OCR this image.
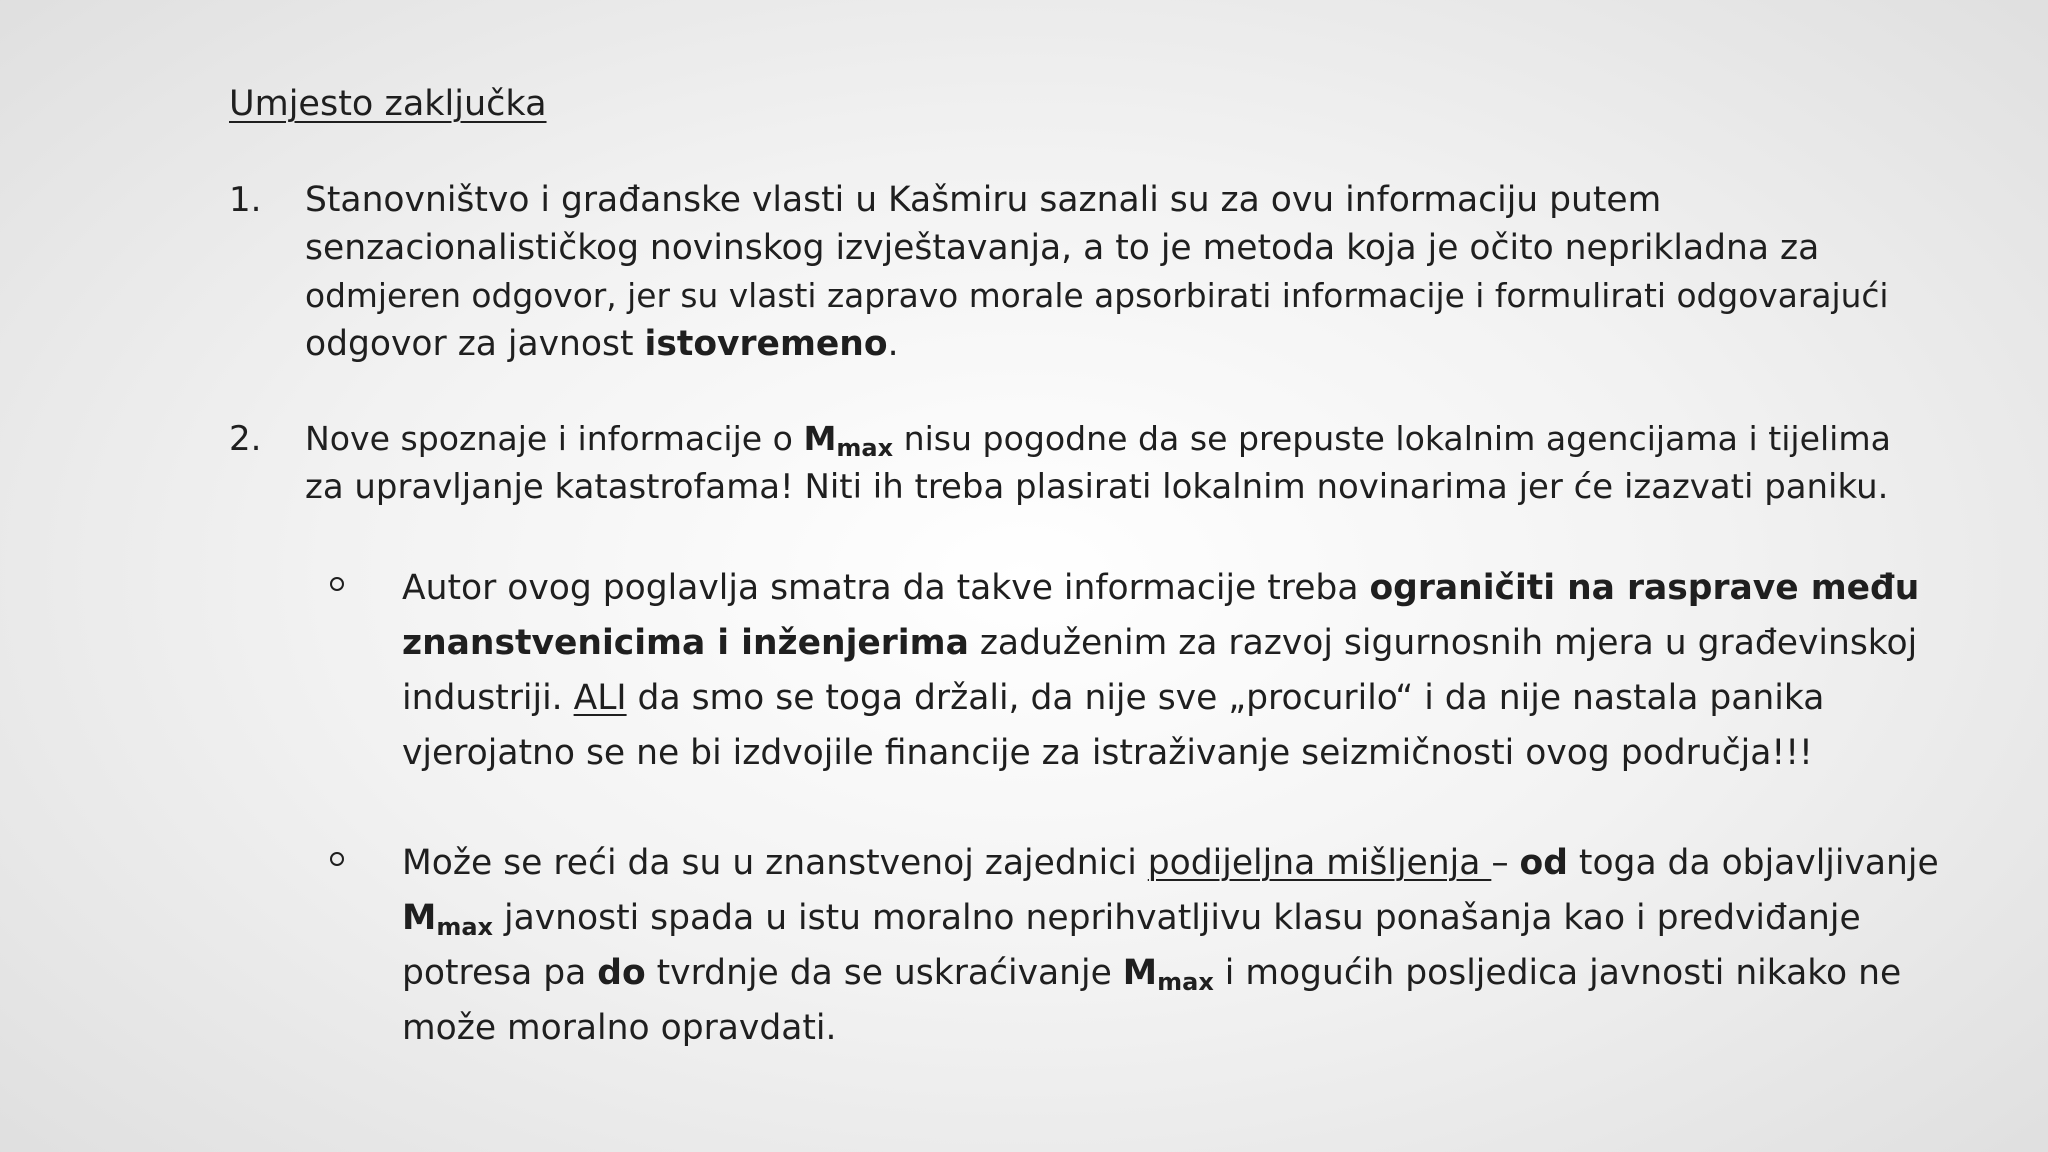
Umjesto zaključka
1. Stanovništvo i građanske vlasti u Kašmiru saznali su za ovu informaciju putem
senzacionalističkog novinskog izvještavanja, a to je metoda koja je očito neprikladna za
odmjeren odgovor, jer su vlasti zapravo morale apsorbirati informacije i formulirati odgovarajući
odgovor za javnost istovremeno.
2. Nove spoznaje i informacije o $M_{max}$ nisu pogodne da se prepuste lokalnim agencijama i tijelima
za upravljanje katastrofama! Niti ih treba plasirati lokalnim novinarima jer će izazvati paniku.
Autor ovog poglavlja smatra da takve informacije treba ograničiti na rasprave među
znanstvenicima i inženjerima zaduženim za razvoj sigurnosnih mjera u građevinskoj
industriji. ALI da smo se toga držali, da nije sve „procurilo“ i da nije nastala panika
vjerojatno se ne bi izdvojile financije za istraživanje seizmičnosti ovog područja!!!
Može se reći da su u znanstvenoj zajednici podijeljna mišljenja – od toga da objavljivanje
$M_{max}$ javnosti spada u istu moralno neprihvatljivu klasu ponašanja kao i predviđanje
potresa pa do tvrdnje da se uskraćivanje $M_{max}$ i mogućih posljedica javnosti nikako ne
može moralno opravdati.
